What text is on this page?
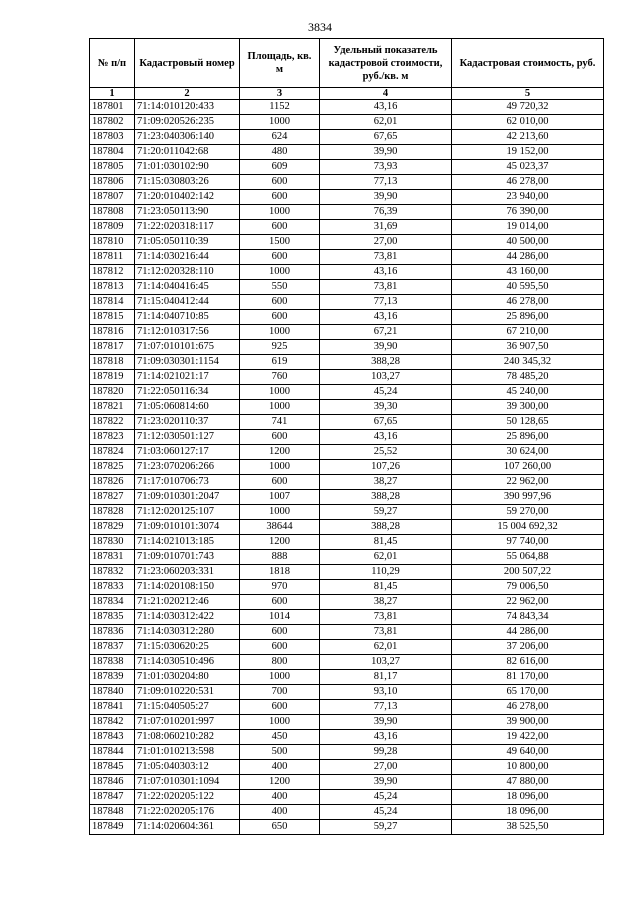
3834
№ п/п	Кадастровый номер	Площадь, кв. м	Удельный показатель кадастровой стоимости, руб./кв. м	Кадастровая стоимость, руб.
1	2	3	4	5
187801	71:14:010120:433	1152	43,16	49 720,32
187802	71:09:020526:235	1000	62,01	62 010,00
187803	71:23:040306:140	624	67,65	42 213,60
187804	71:20:011042:68	480	39,90	19 152,00
187805	71:01:030102:90	609	73,93	45 023,37
187806	71:15:030803:26	600	77,13	46 278,00
187807	71:20:010402:142	600	39,90	23 940,00
187808	71:23:050113:90	1000	76,39	76 390,00
187809	71:22:020318:117	600	31,69	19 014,00
187810	71:05:050110:39	1500	27,00	40 500,00
187811	71:14:030216:44	600	73,81	44 286,00
187812	71:12:020328:110	1000	43,16	43 160,00
187813	71:14:040416:45	550	73,81	40 595,50
187814	71:15:040412:44	600	77,13	46 278,00
187815	71:14:040710:85	600	43,16	25 896,00
187816	71:12:010317:56	1000	67,21	67 210,00
187817	71:07:010101:675	925	39,90	36 907,50
187818	71:09:030301:1154	619	388,28	240 345,32
187819	71:14:021021:17	760	103,27	78 485,20
187820	71:22:050116:34	1000	45,24	45 240,00
187821	71:05:060814:60	1000	39,30	39 300,00
187822	71:23:020110:37	741	67,65	50 128,65
187823	71:12:030501:127	600	43,16	25 896,00
187824	71:03:060127:17	1200	25,52	30 624,00
187825	71:23:070206:266	1000	107,26	107 260,00
187826	71:17:010706:73	600	38,27	22 962,00
187827	71:09:010301:2047	1007	388,28	390 997,96
187828	71:12:020125:107	1000	59,27	59 270,00
187829	71:09:010101:3074	38644	388,28	15 004 692,32
187830	71:14:021013:185	1200	81,45	97 740,00
187831	71:09:010701:743	888	62,01	55 064,88
187832	71:23:060203:331	1818	110,29	200 507,22
187833	71:14:020108:150	970	81,45	79 006,50
187834	71:21:020212:46	600	38,27	22 962,00
187835	71:14:030312:422	1014	73,81	74 843,34
187836	71:14:030312:280	600	73,81	44 286,00
187837	71:15:030620:25	600	62,01	37 206,00
187838	71:14:030510:496	800	103,27	82 616,00
187839	71:01:030204:80	1000	81,17	81 170,00
187840	71:09:010220:531	700	93,10	65 170,00
187841	71:15:040505:27	600	77,13	46 278,00
187842	71:07:010201:997	1000	39,90	39 900,00
187843	71:08:060210:282	450	43,16	19 422,00
187844	71:01:010213:598	500	99,28	49 640,00
187845	71:05:040303:12	400	27,00	10 800,00
187846	71:07:010301:1094	1200	39,90	47 880,00
187847	71:22:020205:122	400	45,24	18 096,00
187848	71:22:020205:176	400	45,24	18 096,00
187849	71:14:020604:361	650	59,27	38 525,50
